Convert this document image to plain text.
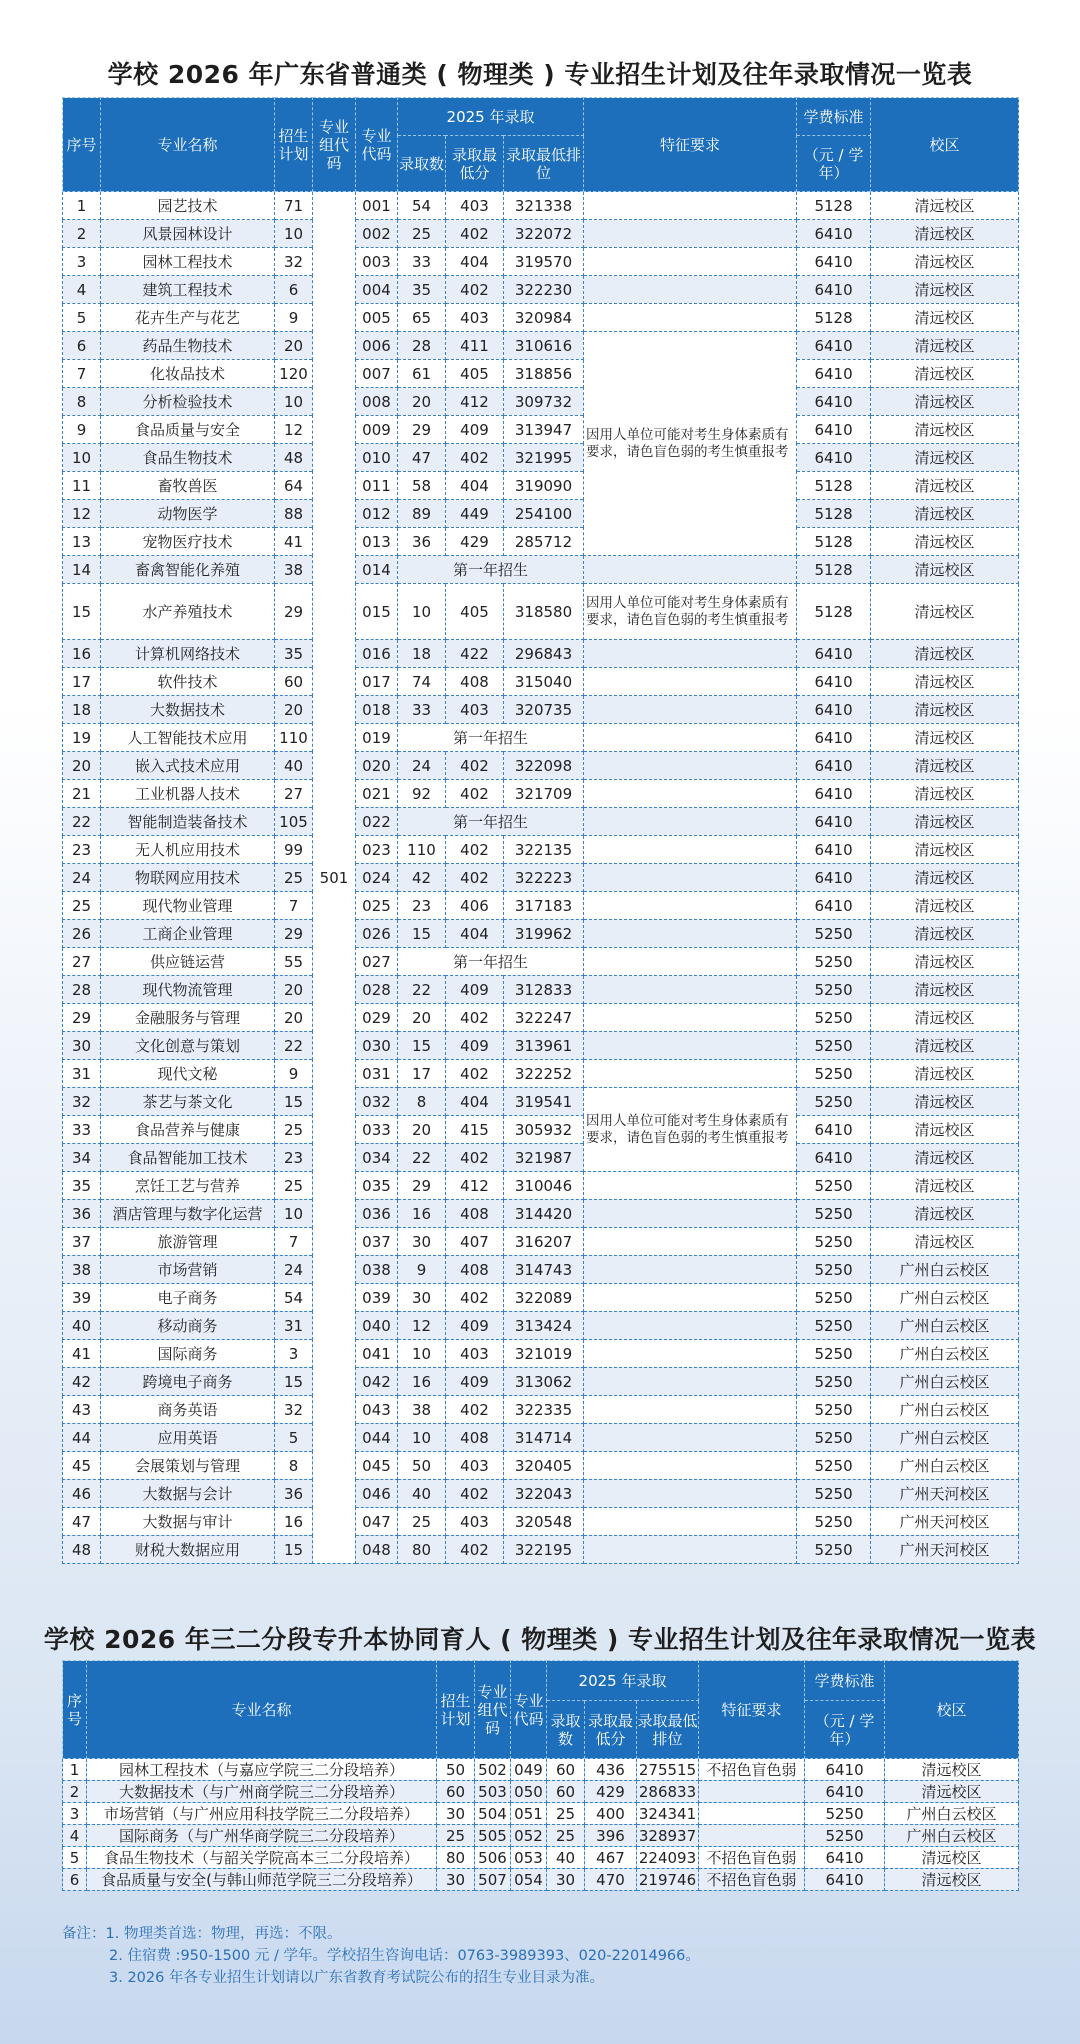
学校 2026 年广东省普通类 ( 物理类 ) 专业招生计划及往年录取情况一览表
序号	专业名称	招生计划	专业组代码	专业代码	2025 年录取			特征要求	学费标准	校区
					录取数	录取最低分	录取最低排位		（元 / 学年）	
1	园艺技术	71	501	001	54	403	321338		5128	清远校区
2	风景园林设计	10		002	25	402	322072		6410	清远校区
3	园林工程技术	32		003	33	404	319570		6410	清远校区
4	建筑工程技术	6		004	35	402	322230		6410	清远校区
5	花卉生产与花艺	9		005	65	403	320984		5128	清远校区
6	药品生物技术	20		006	28	411	310616	因用人单位可能对考生身体素质有要求，请色盲色弱的考生慎重报考	6410	清远校区
7	化妆品技术	120		007	61	405	318856		6410	清远校区
8	分析检验技术	10		008	20	412	309732		6410	清远校区
9	食品质量与安全	12		009	29	409	313947		6410	清远校区
10	食品生物技术	48		010	47	402	321995		6410	清远校区
11	畜牧兽医	64		011	58	404	319090		5128	清远校区
12	动物医学	88		012	89	449	254100		5128	清远校区
13	宠物医疗技术	41		013	36	429	285712		5128	清远校区
14	畜禽智能化养殖	38		014	第一年招生				5128	清远校区
15	水产养殖技术	29		015	10	405	318580	因用人单位可能对考生身体素质有要求，请色盲色弱的考生慎重报考	5128	清远校区
16	计算机网络技术	35		016	18	422	296843		6410	清远校区
17	软件技术	60		017	74	408	315040		6410	清远校区
18	大数据技术	20		018	33	403	320735		6410	清远校区
19	人工智能技术应用	110		019	第一年招生				6410	清远校区
20	嵌入式技术应用	40		020	24	402	322098		6410	清远校区
21	工业机器人技术	27		021	92	402	321709		6410	清远校区
22	智能制造装备技术	105		022	第一年招生				6410	清远校区
23	无人机应用技术	99		023	110	402	322135		6410	清远校区
24	物联网应用技术	25		024	42	402	322223		6410	清远校区
25	现代物业管理	7		025	23	406	317183		6410	清远校区
26	工商企业管理	29		026	15	404	319962		5250	清远校区
27	供应链运营	55		027	第一年招生				5250	清远校区
28	现代物流管理	20		028	22	409	312833		5250	清远校区
29	金融服务与管理	20		029	20	402	322247		5250	清远校区
30	文化创意与策划	22		030	15	409	313961		5250	清远校区
31	现代文秘	9		031	17	402	322252		5250	清远校区
32	茶艺与茶文化	15		032	8	404	319541	因用人单位可能对考生身体素质有要求，请色盲色弱的考生慎重报考	5250	清远校区
33	食品营养与健康	25		033	20	415	305932		6410	清远校区
34	食品智能加工技术	23		034	22	402	321987		6410	清远校区
35	烹饪工艺与营养	25		035	29	412	310046		5250	清远校区
36	酒店管理与数字化运营	10		036	16	408	314420		5250	清远校区
37	旅游管理	7		037	30	407	316207		5250	清远校区
38	市场营销	24		038	9	408	314743		5250	广州白云校区
39	电子商务	54		039	30	402	322089		5250	广州白云校区
40	移动商务	31		040	12	409	313424		5250	广州白云校区
41	国际商务	3		041	10	403	321019		5250	广州白云校区
42	跨境电子商务	15		042	16	409	313062		5250	广州白云校区
43	商务英语	32		043	38	402	322335		5250	广州白云校区
44	应用英语	5		044	10	408	314714		5250	广州白云校区
45	会展策划与管理	8		045	50	403	320405		5250	广州白云校区
46	大数据与会计	36		046	40	402	322043		5250	广州天河校区
47	大数据与审计	16		047	25	403	320548		5250	广州天河校区
48	财税大数据应用	15		048	80	402	322195		5250	广州天河校区
学校 2026 年三二分段专升本协同育人 ( 物理类 ) 专业招生计划及往年录取情况一览表
序号	专业名称	招生计划	专业组代码	专业代码	2025 年录取			特征要求	学费标准	校区
					录取数	录取最低分	录取最低排位		（元 / 学年）	
1	园林工程技术（与嘉应学院三二分段培养）	50	502	049	60	436	275515	不招色盲色弱	6410	清远校区
2	大数据技术（与广州商学院三二分段培养）	60	503	050	60	429	286833		6410	清远校区
3	市场营销（与广州应用科技学院三二分段培养）	30	504	051	25	400	324341		5250	广州白云校区
4	国际商务（与广州华商学院三二分段培养）	25	505	052	25	396	328937		5250	广州白云校区
5	食品生物技术（与韶关学院高本三二分段培养）	80	506	053	40	467	224093	不招色盲色弱	6410	清远校区
6	食品质量与安全(与韩山师范学院三二分段培养）	30	507	054	30	470	219746	不招色盲色弱	6410	清远校区
备注：1. 物理类首选：物理，再选：不限。
2. 住宿费 :950-1500 元 / 学年。学校招生咨询电话：0763-3989393、020-22014966。
3. 2026 年各专业招生计划请以广东省教育考试院公布的招生专业目录为准。
